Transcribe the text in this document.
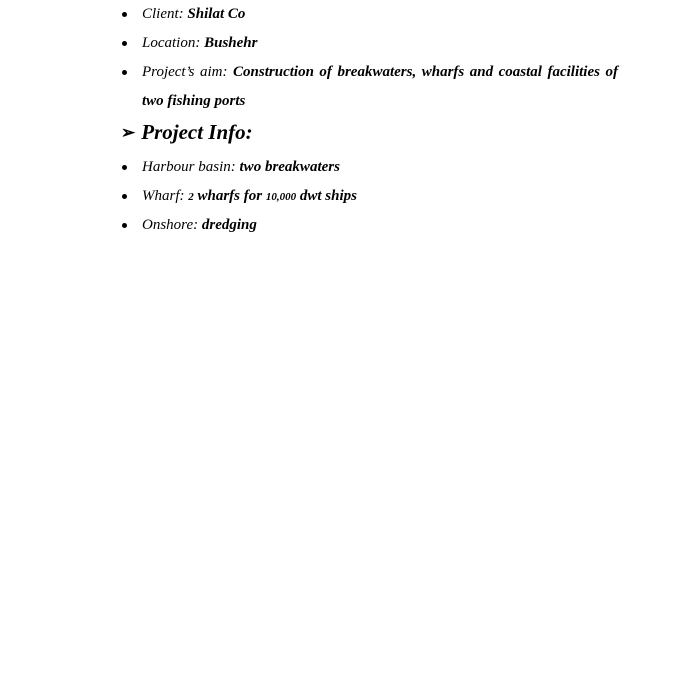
Client: Shilat Co
Location: Bushehr
Project’s aim: Construction of breakwaters, wharfs and coastal facilities of two fishing ports
➢ Project Info:
Harbour basin: two breakwaters
Wharf: 2 wharfs for 10,000 dwt ships
Onshore: dredging
